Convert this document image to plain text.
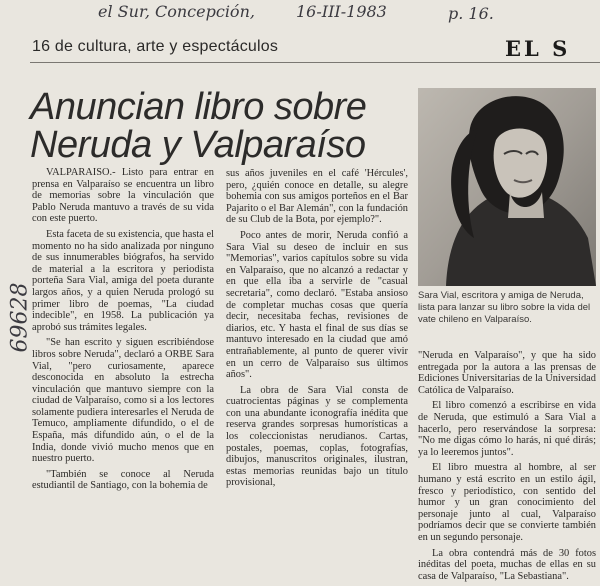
el Sur, Concepción,	16-III-1983	p. 16.
69628
16 de cultura, arte y espectáculos	EL S
Anuncian libro sobre Neruda y Valparaíso

VALPARAISO.- Listo para entrar en prensa en Valparaíso se encuentra un libro de memorias sobre la vinculación que Pablo Neruda mantuvo a través de su vida con este puerto.

Esta faceta de su existencia, que hasta el momento no ha sido analizada por ninguno de sus innumerables biógrafos, ha servido de material a la escritora y periodista porteña Sara Vial, amiga del poeta durante largos años, y a quien Neruda prologó su primer libro de poemas, "La ciudad indecible", en 1958. La publicación ya aprobó sus trámites legales.

"Se han escrito y siguen escribiéndose libros sobre Neruda", declaró a ORBE Sara Vial, "pero curiosamente, aparece desconocida en absoluto la estrecha vinculación que mantuvo siempre con la ciudad de Valparaíso, como si a los lectores solamente pudiera interesarles el Neruda de Temuco, ampliamente difundido, o el de España, más difundido aún, o el de la India, donde vivió mucho menos que en nuestro puerto.

"También se conoce al Neruda estudiantil de Santiago, con la bohemia de

sus años juveniles en el café 'Hércules', pero, ¿quién conoce en detalle, su alegre bohemia con sus amigos porteños en el Bar Pajarito o el Bar Alemán", con la fundación de su Club de la Bota, por ejemplo?".

Poco antes de morir, Neruda confió a Sara Vial su deseo de incluir en sus "Memorias", varios capítulos sobre su vida en Valparaíso, que no alcanzó a redactar y en que ella iba a servirle de "casual secretaria", como declaró. "Estaba ansioso de completar muchas cosas que quería decir, necesitaba fechas, revisiones de diarios, etc. Y hasta el final de sus días se mantuvo interesado en la ciudad que amó entrañablemente, al punto de querer vivir en un cerro de Valparaíso sus últimos años".

La obra de Sara Vial consta de cuatrocientas páginas y se complementa con una abundante iconografía inédita que reserva grandes sorpresas humorísticas a los coleccionistas nerudianos. Cartas, postales, poemas, coplas, fotografías, dibujos, manuscritos originales, ilustran, estas memorias reunidas bajo un título provisional,

Sara Vial, escritora y amiga de Neruda, lista para lanzar su libro sobre la vida del vate chileno en Valparaíso.

"Neruda en Valparaíso", y que ha sido entregada por la autora a las prensas de Ediciones Universitarias de la Universidad Católica de Valparaíso.

El libro comenzó a escribirse en vida de Neruda, que estimuló a Sara Vial a hacerlo, pero reservándose la sorpresa: "No me digas cómo lo harás, ni qué dirás; ya lo leeremos juntos".

El libro muestra al hombre, al ser humano y está escrito en un estilo ágil, fresco y periodístico, con sentido del humor y un gran conocimiento del personaje junto al cual, Valparaíso podríamos decir que se convierte también en un segundo personaje.

La obra contendrá más de 30 fotos inéditas del poeta, muchas de ellas en su casa de Valparaíso, "La Sebastiana".
